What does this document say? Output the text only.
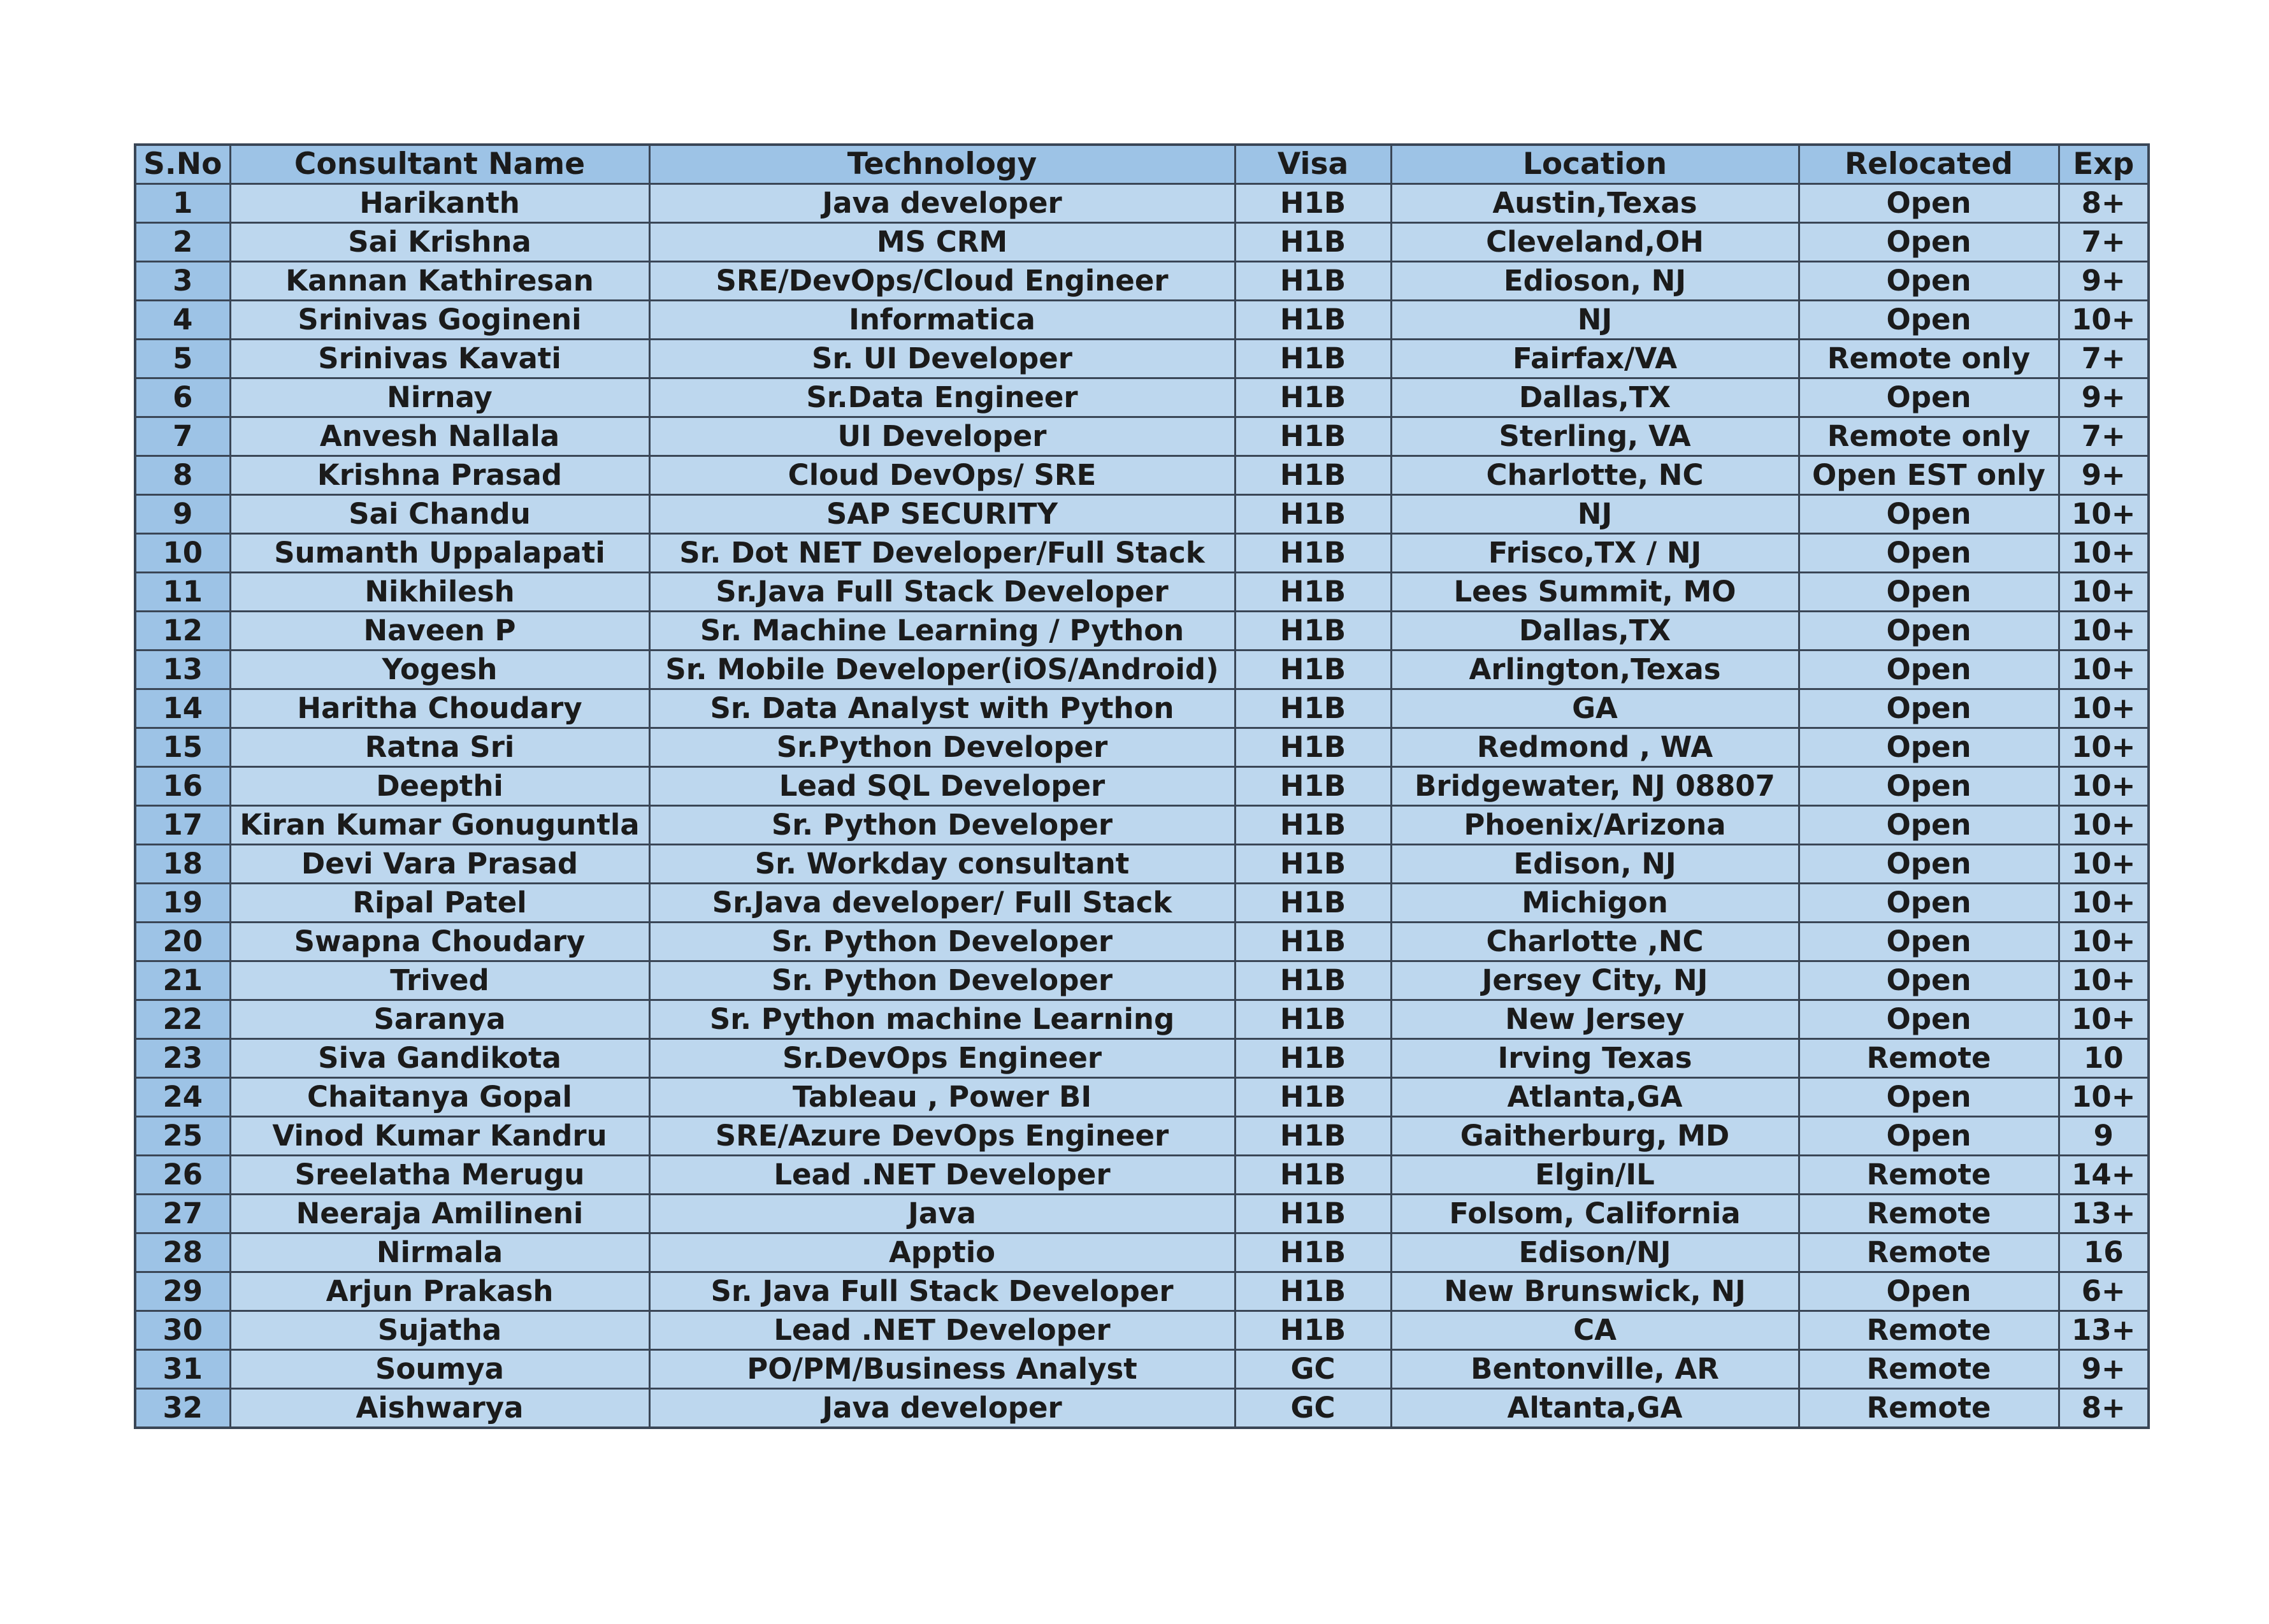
S.No	Consultant Name	Technology	Visa	Location	Relocated	Exp
1	Harikanth	Java developer	H1B	Austin,Texas	Open	8+
2	Sai Krishna	MS CRM	H1B	Cleveland,OH	Open	7+
3	Kannan Kathiresan	SRE/DevOps/Cloud Engineer	H1B	Edioson, NJ	Open	9+
4	Srinivas Gogineni	Informatica	H1B	NJ	Open	10+
5	Srinivas Kavati	Sr. UI Developer	H1B	Fairfax/VA	Remote only	7+
6	Nirnay	Sr.Data Engineer	H1B	Dallas,TX	Open	9+
7	Anvesh Nallala	UI Developer	H1B	Sterling, VA	Remote only	7+
8	Krishna Prasad	Cloud DevOps/ SRE	H1B	Charlotte, NC	Open EST only	9+
9	Sai Chandu	SAP SECURITY	H1B	NJ	Open	10+
10	Sumanth Uppalapati	Sr. Dot NET Developer/Full Stack	H1B	Frisco,TX / NJ	Open	10+
11	Nikhilesh	Sr.Java Full Stack Developer	H1B	Lees Summit, MO	Open	10+
12	Naveen P	Sr. Machine Learning / Python	H1B	Dallas,TX	Open	10+
13	Yogesh	Sr. Mobile Developer(iOS/Android)	H1B	Arlington,Texas	Open	10+
14	Haritha Choudary	Sr. Data Analyst with Python	H1B	GA	Open	10+
15	Ratna Sri	Sr.Python Developer	H1B	Redmond , WA	Open	10+
16	Deepthi	Lead SQL Developer	H1B	Bridgewater, NJ 08807	Open	10+
17	Kiran Kumar Gonuguntla	Sr. Python Developer	H1B	Phoenix/Arizona	Open	10+
18	Devi Vara Prasad	Sr. Workday consultant	H1B	Edison, NJ	Open	10+
19	Ripal Patel	Sr.Java developer/ Full Stack	H1B	Michigon	Open	10+
20	Swapna Choudary	Sr. Python Developer	H1B	Charlotte ,NC	Open	10+
21	Trived	Sr. Python Developer	H1B	Jersey City, NJ	Open	10+
22	Saranya	Sr. Python machine Learning	H1B	New Jersey	Open	10+
23	Siva Gandikota	Sr.DevOps Engineer	H1B	Irving Texas	Remote	10
24	Chaitanya Gopal	Tableau , Power BI	H1B	Atlanta,GA	Open	10+
25	Vinod Kumar Kandru	SRE/Azure DevOps Engineer	H1B	Gaitherburg, MD	Open	9
26	Sreelatha Merugu	Lead .NET Developer	H1B	Elgin/IL	Remote	14+
27	Neeraja Amilineni	Java	H1B	Folsom, California	Remote	13+
28	Nirmala	Apptio	H1B	Edison/NJ	Remote	16
29	Arjun Prakash	Sr. Java Full Stack Developer	H1B	New Brunswick, NJ	Open	6+
30	Sujatha	Lead .NET Developer	H1B	CA	Remote	13+
31	Soumya	PO/PM/Business Analyst	GC	Bentonville, AR	Remote	9+
32	Aishwarya	Java developer	GC	Altanta,GA	Remote	8+
